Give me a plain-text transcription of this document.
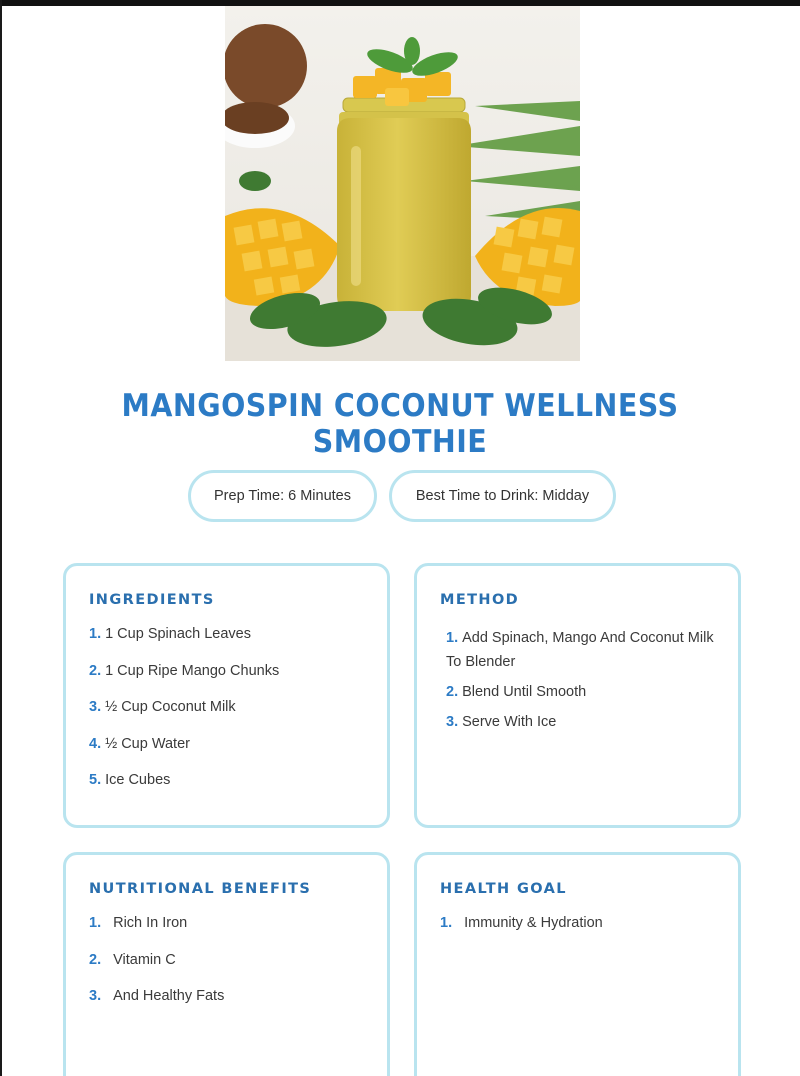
MANGOSPIN COCONUT WELLNESS SMOOTHIE
Prep Time: 6 Minutes	Best Time to Drink: Midday
INGREDIENTS
1. 1 Cup Spinach Leaves
2. 1 Cup Ripe Mango Chunks
3. ½ Cup Coconut Milk
4. ½ Cup Water
5. Ice Cubes
METHOD
1. Add Spinach, Mango And Coconut Milk To Blender
2. Blend Until Smooth
3. Serve With Ice
NUTRITIONAL BENEFITS
1. Rich In Iron
2. Vitamin C
3. And Healthy Fats
HEALTH GOAL
1. Immunity & Hydration
